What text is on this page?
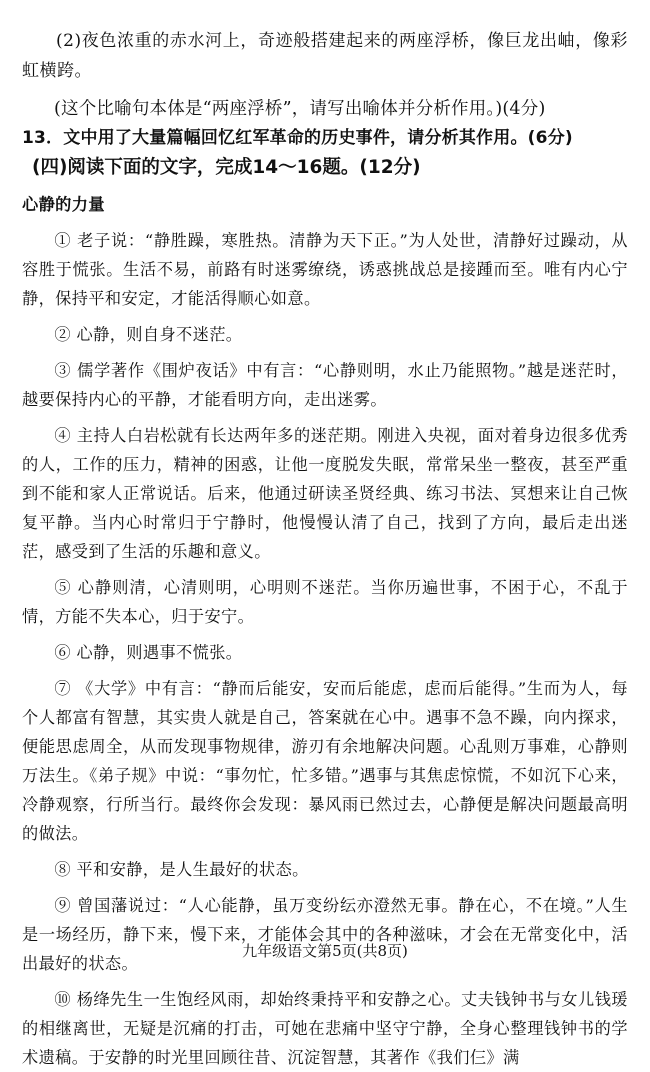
(2)夜色浓重的赤水河上，奇迹般搭建起来的两座浮桥，像巨龙出岫，像彩虹横跨。

(这个比喻句本体是“两座浮桥”，请写出喻体并分析作用。)(4分)

13．文中用了大量篇幅回忆红军革命的历史事件，请分析其作用。(6分)

(四)阅读下面的文字，完成14～16题。(12分)

心静的力量

① 老子说：“静胜躁，寒胜热。清静为天下正。”为人处世，清静好过躁动，从容胜于慌张。生活不易，前路有时迷雾缭绕，诱惑挑战总是接踵而至。唯有内心宁静，保持平和安定，才能活得顺心如意。

② 心静，则自身不迷茫。

③ 儒学著作《围炉夜话》中有言：“心静则明，水止乃能照物。”越是迷茫时，越要保持内心的平静，才能看明方向，走出迷雾。

④ 主持人白岩松就有长达两年多的迷茫期。刚进入央视，面对着身边很多优秀的人，工作的压力，精神的困惑，让他一度脱发失眠，常常呆坐一整夜，甚至严重到不能和家人正常说话。后来，他通过研读圣贤经典、练习书法、冥想来让自己恢复平静。当内心时常归于宁静时，他慢慢认清了自己，找到了方向，最后走出迷茫，感受到了生活的乐趣和意义。

⑤ 心静则清，心清则明，心明则不迷茫。当你历遍世事，不困于心，不乱于情，方能不失本心，归于安宁。

⑥ 心静，则遇事不慌张。

⑦ 《大学》中有言：“静而后能安，安而后能虑，虑而后能得。”生而为人，每个人都富有智慧，其实贵人就是自己，答案就在心中。遇事不急不躁，向内探求，便能思虑周全，从而发现事物规律，游刃有余地解决问题。心乱则万事难，心静则万法生。《弟子规》中说：“事勿忙，忙多错。”遇事与其焦虑惊慌，不如沉下心来，冷静观察，行所当行。最终你会发现：暴风雨已然过去，心静便是解决问题最高明的做法。

⑧ 平和安静，是人生最好的状态。

⑨ 曾国藩说过：“人心能静，虽万变纷纭亦澄然无事。静在心，不在境。”人生是一场经历，静下来，慢下来，才能体会其中的各种滋味，才会在无常变化中，活出最好的状态。

⑩ 杨绛先生一生饱经风雨，却始终秉持平和安静之心。丈夫钱钟书与女儿钱瑗的相继离世，无疑是沉痛的打击，可她在悲痛中坚守宁静，全身心整理钱钟书的学术遗稿。于安静的时光里回顾往昔、沉淀智慧，其著作《我们仨》满

九年级语文第5页(共8页)
